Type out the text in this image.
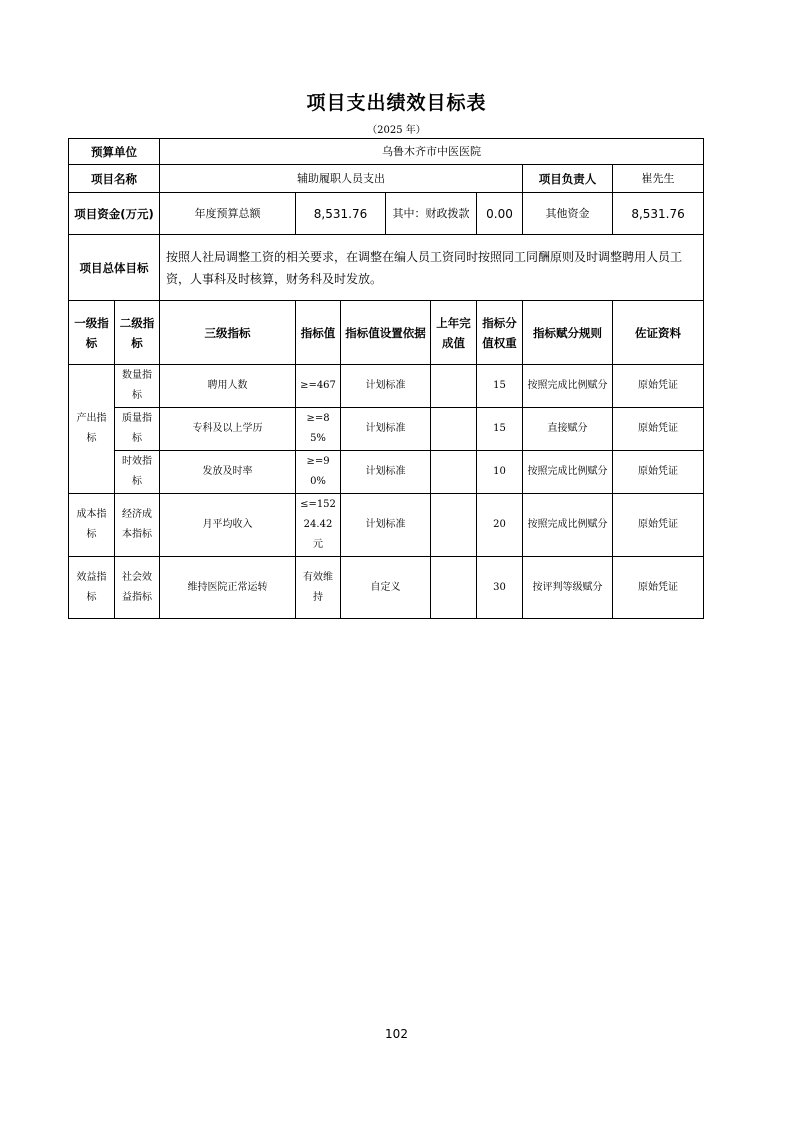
项目支出绩效目标表
（2025 年）
预算单位		乌鲁木齐市中医医院							
项目名称		辅助履职人员支出						项目负责人	崔先生
项目资金(万元)		年度预算总额	8,531.76		其中：财政拨款		0.00	其他资金	8,531.76
项目总体目标		按照人社局调整工资的相关要求，在调整在编人员工资同时按照同工同酬原则及时调整聘用人员工资，人事科及时核算，财务科及时发放。							
一级指标	二级指标	三级指标	指标值	指标值设置依据		上年完成值	指标分值权重	指标赋分规则	佐证资料
产出指标	数量指标	聘用人数	≥=467	计划标准			15	按照完成比例赋分	原始凭证
	质量指标	专科及以上学历	≥=85%	计划标准			15	直接赋分	原始凭证
	时效指标	发放及时率	≥=90%	计划标准			10	按照完成比例赋分	原始凭证
成本指标	经济成本指标	月平均收入	≤=15224.42元	计划标准			20	按照完成比例赋分	原始凭证
效益指标	社会效益指标	维持医院正常运转	有效维持	自定义			30	按评判等级赋分	原始凭证
102
